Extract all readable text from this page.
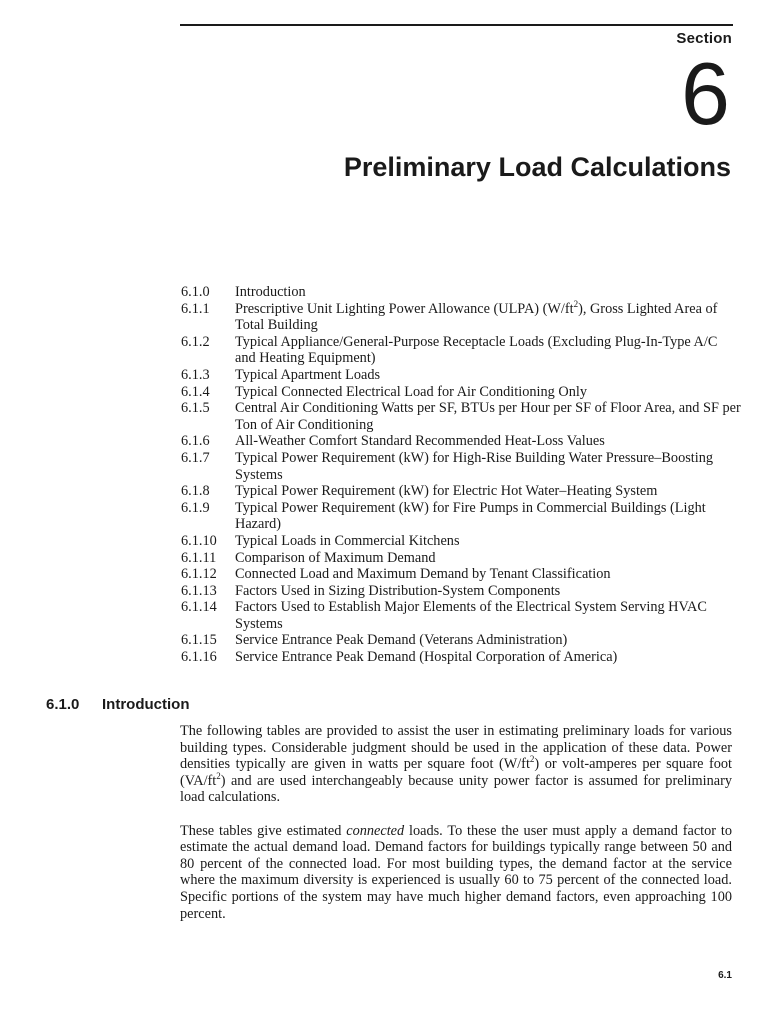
Section
6
Preliminary Load Calculations
6.1.0	Introduction
6.1.1	Prescriptive Unit Lighting Power Allowance (ULPA) $(W/ft^2)$, Gross Lighted Area of Total Building
6.1.2	Typical Appliance/General-Purpose Receptacle Loads (Excluding Plug-In-Type A/C and Heating Equipment)
6.1.3	Typical Apartment Loads
6.1.4	Typical Connected Electrical Load for Air Conditioning Only
6.1.5	Central Air Conditioning Watts per SF, BTUs per Hour per SF of Floor Area, and SF per Ton of Air Conditioning
6.1.6	All-Weather Comfort Standard Recommended Heat-Loss Values
6.1.7	Typical Power Requirement (kW) for High-Rise Building Water Pressure–Boosting Systems
6.1.8	Typical Power Requirement (kW) for Electric Hot Water–Heating System
6.1.9	Typical Power Requirement (kW) for Fire Pumps in Commercial Buildings (Light Hazard)
6.1.10	Typical Loads in Commercial Kitchens
6.1.11	Comparison of Maximum Demand
6.1.12	Connected Load and Maximum Demand by Tenant Classification
6.1.13	Factors Used in Sizing Distribution-System Components
6.1.14	Factors Used to Establish Major Elements of the Electrical System Serving HVAC Systems
6.1.15	Service Entrance Peak Demand (Veterans Administration)
6.1.16	Service Entrance Peak Demand (Hospital Corporation of America)
6.1.0 Introduction

The following tables are provided to assist the user in estimating preliminary loads for various building types. Considerable judgment should be used in the application of these data. Power densities typically are given in watts per square foot $(W/ft^2)$ or volt-amperes per square foot $(VA/ft^2)$ and are used interchangeably because unity power factor is assumed for preliminary load calculations.

These tables give estimated connected loads. To these the user must apply a demand factor to estimate the actual demand load. Demand factors for buildings typically range between 50 and 80 percent of the connected load. For most building types, the demand factor at the service where the maximum diversity is experienced is usually 60 to 75 percent of the connected load. Specific portions of the system may have much higher demand factors, even approaching 100 percent.

6.1
